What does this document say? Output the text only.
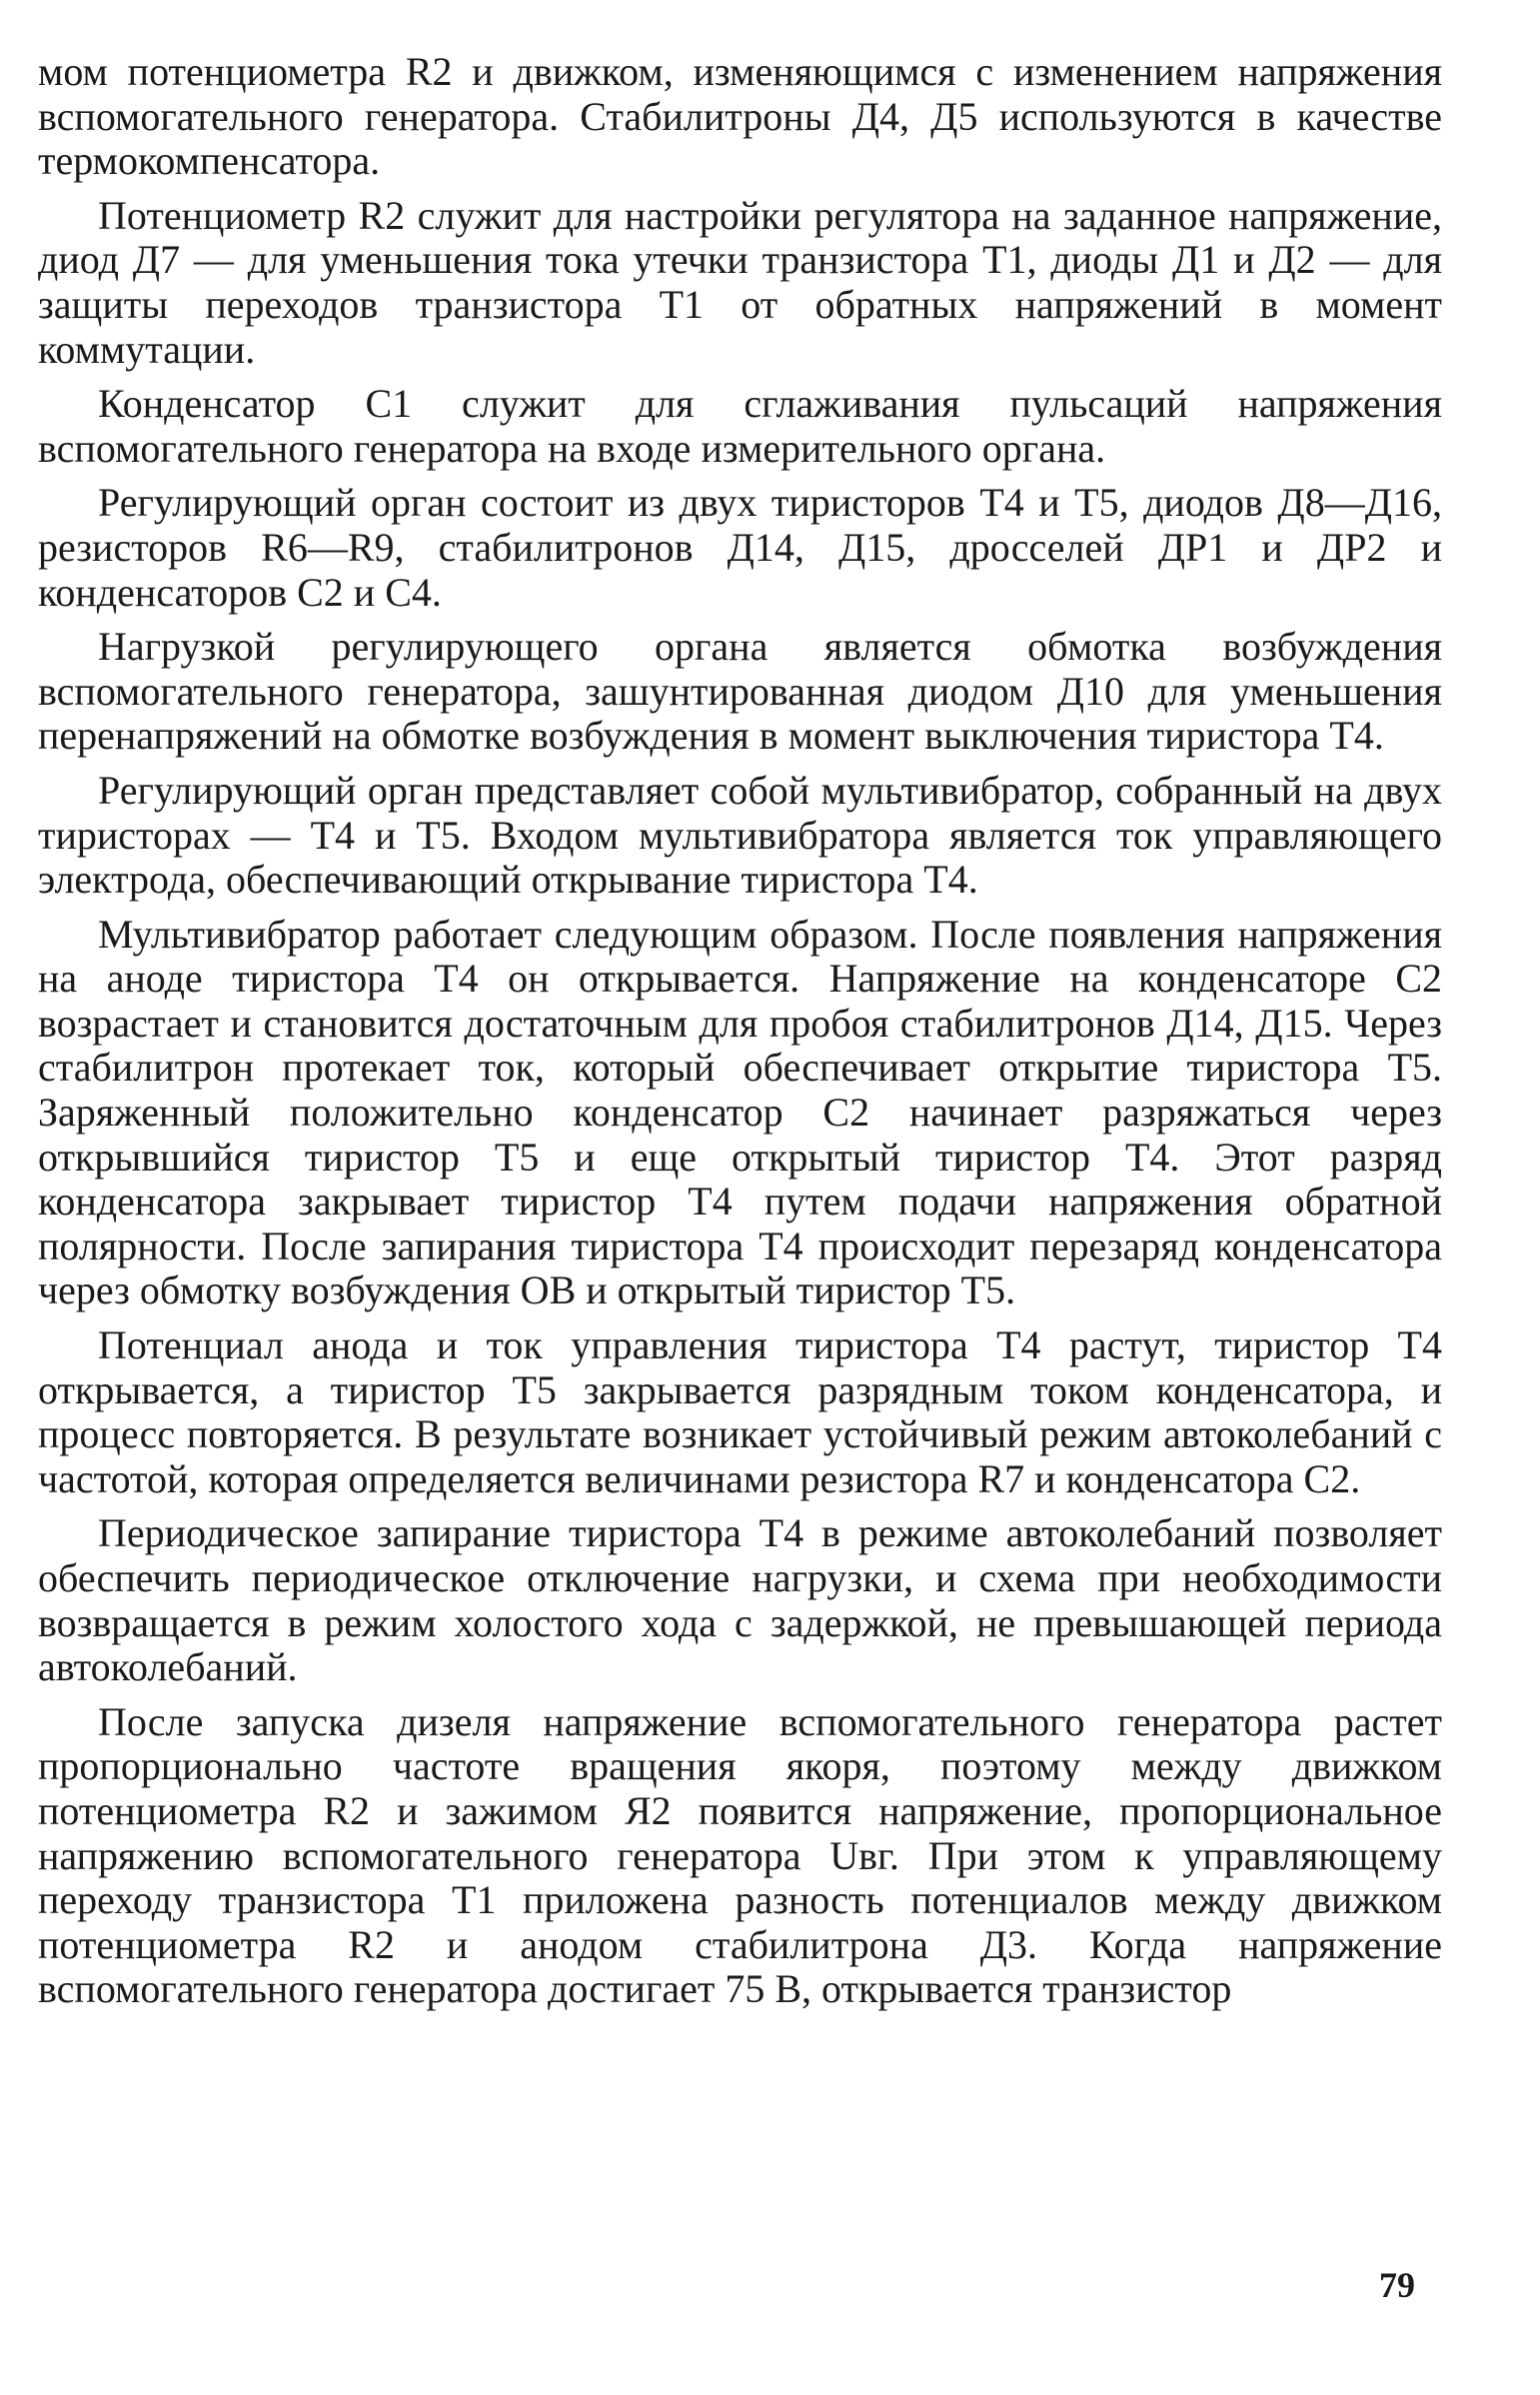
мом потенциометра R2 и движком, изменяющимся с изменением напряжения вспомогательного генератора. Стабилитроны Д4, Д5 используются в качестве термокомпенсатора.

Потенциометр R2 служит для настройки регулятора на заданное напряжение, диод Д7 — для уменьшения тока утечки транзистора Т1, диоды Д1 и Д2 — для защиты переходов транзистора Т1 от обратных напряжений в момент коммутации.

Конденсатор С1 служит для сглаживания пульсаций напряжения вспомогательного генератора на входе измерительного органа.

Регулирующий орган состоит из двух тиристоров Т4 и Т5, диодов Д8—Д16, резисторов R6—R9, стабилитронов Д14, Д15, дросселей ДР1 и ДР2 и конденсаторов С2 и С4.

Нагрузкой регулирующего органа является обмотка возбуждения вспомогательного генератора, зашунтированная диодом Д10 для уменьшения перенапряжений на обмотке возбуждения в момент выключения тиристора Т4.

Регулирующий орган представляет собой мультивибратор, собранный на двух тиристорах — Т4 и Т5. Входом мультивибратора является ток управляющего электрода, обеспечивающий открывание тиристора Т4.

Мультивибратор работает следующим образом. После появления напряжения на аноде тиристора Т4 он открывается. Напряжение на конденсаторе С2 возрастает и становится достаточным для пробоя стабилитронов Д14, Д15. Через стабилитрон протекает ток, который обеспечивает открытие тиристора Т5. Заряженный положительно конденсатор С2 начинает разряжаться через открывшийся тиристор Т5 и еще открытый тиристор Т4. Этот разряд конденсатора закрывает тиристор Т4 путем подачи напряжения обратной полярности. После запирания тиристора Т4 происходит перезаряд конденсатора через обмотку возбуждения ОВ и открытый тиристор Т5.

Потенциал анода и ток управления тиристора Т4 растут, тиристор Т4 открывается, а тиристор Т5 закрывается разрядным током конденсатора, и процесс повторяется. В результате возникает устойчивый режим автоколебаний с частотой, которая определяется величинами резистора R7 и конденсатора С2.

Периодическое запирание тиристора Т4 в режиме автоколебаний позволяет обеспечить периодическое отключение нагрузки, и схема при необходимости возвращается в режим холостого хода с задержкой, не превышающей периода автоколебаний.

После запуска дизеля напряжение вспомогательного генератора растет пропорционально частоте вращения якоря, поэтому между движком потенциометра R2 и зажимом Я2 появится напряжение, пропорциональное напряжению вспомогательного генератора Uвг. При этом к управляющему переходу транзистора Т1 приложена разность потенциалов между движком потенциометра R2 и анодом стабилитрона Д3. Когда напряжение вспомогательного генератора достигает 75 В, открывается транзистор

79
